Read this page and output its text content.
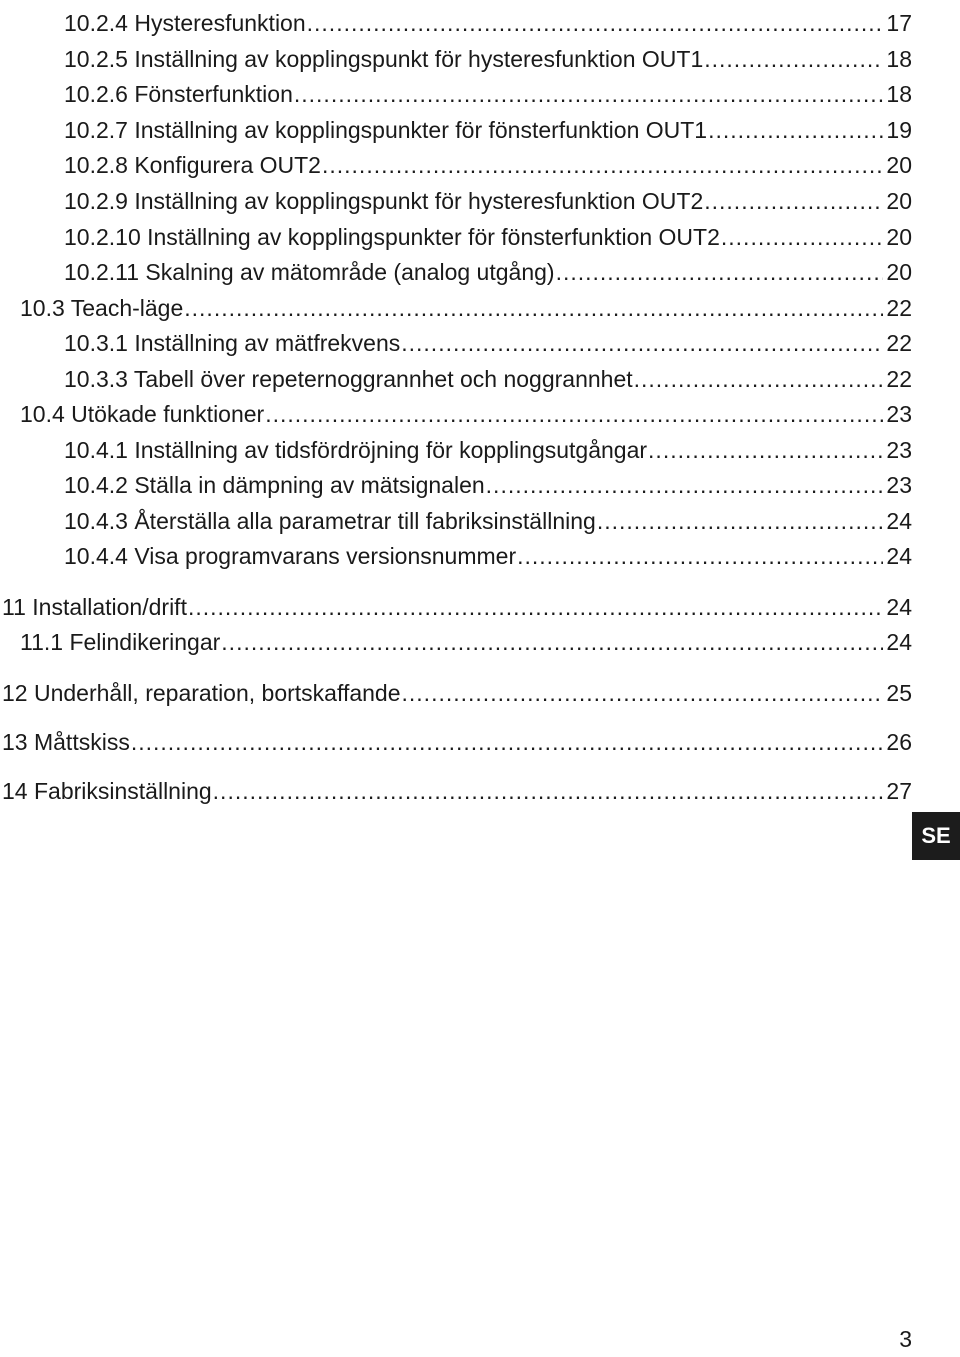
10.2.4 Hysteresfunktion .....	17
10.2.5 Inställning av kopplingspunkt för hysteresfunktion OUT1 .....	18
10.2.6 Fönsterfunktion .....	18
10.2.7 Inställning av kopplingspunkter för fönsterfunktion OUT1 .....	19
10.2.8 Konfigurera OUT2 .....	20
10.2.9 Inställning av kopplingspunkt för hysteresfunktion OUT2 .....	20
10.2.10 Inställning av kopplingspunkter för fönsterfunktion OUT2 .....	20
10.2.11 Skalning av mätområde (analog utgång) .....	20
10.3 Teach-läge .....	22
10.3.1 Inställning av mätfrekvens .....	22
10.3.3 Tabell över repeternoggrannhet och noggrannhet .....	22
10.4 Utökade funktioner .....	23
10.4.1 Inställning av tidsfördröjning för kopplingsutgångar .....	23
10.4.2 Ställa in dämpning av mätsignalen .....	23
10.4.3 Återställa alla parametrar till fabriksinställning .....	24
10.4.4 Visa programvarans versionsnummer .....	24
11 Installation/drift .....	24
11.1 Felindikeringar .....	24
12 Underhåll, reparation, bortskaffande .....	25
13 Måttskiss .....	26
14 Fabriksinställning .....	27
SE
3
